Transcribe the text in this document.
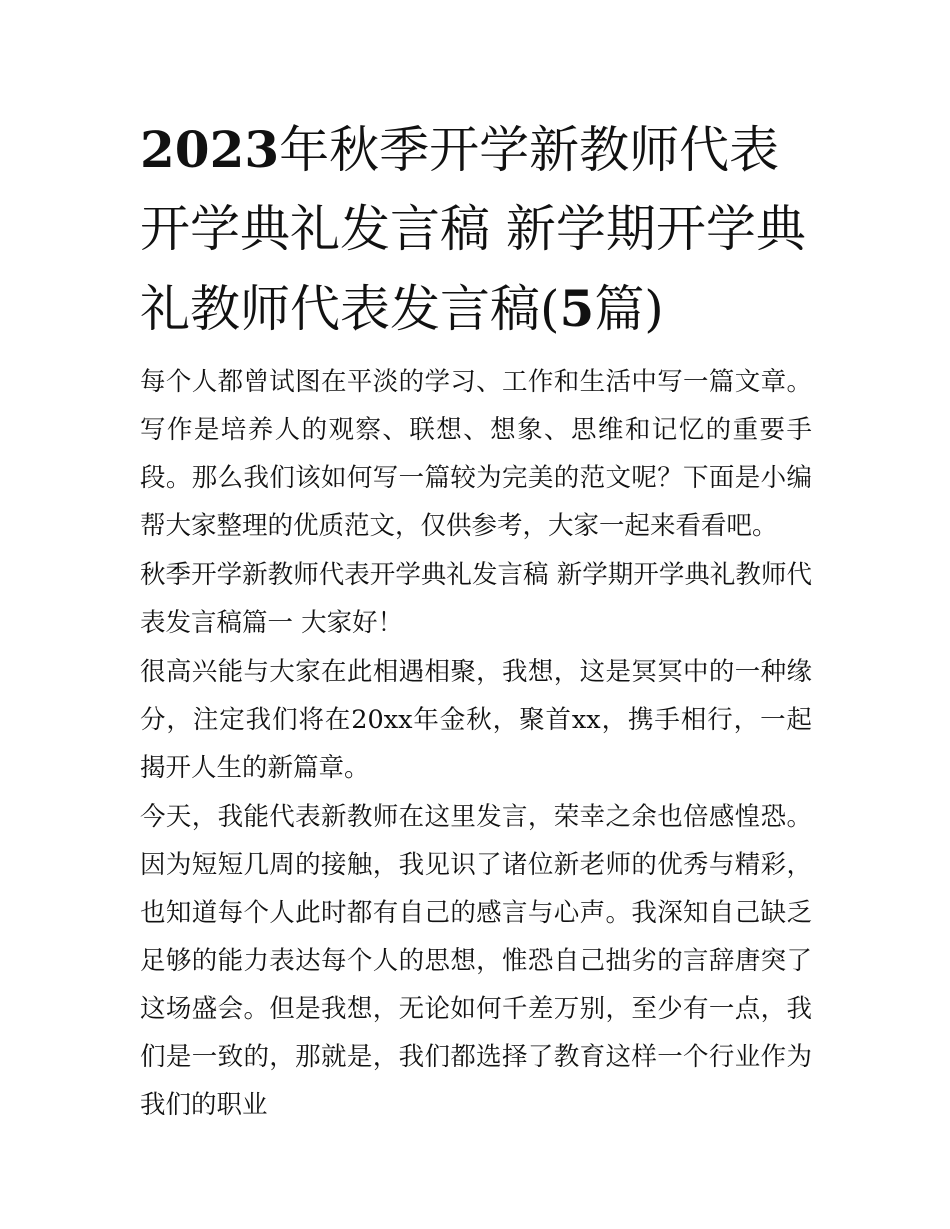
2023年秋季开学新教师代表开学典礼发言稿 新学期开学典礼教师代表发言稿(5篇)

每个人都曾试图在平淡的学习、工作和生活中写一篇文章。写作是培养人的观察、联想、想象、思维和记忆的重要手段。那么我们该如何写一篇较为完美的范文呢？下面是小编帮大家整理的优质范文，仅供参考，大家一起来看看吧。

秋季开学新教师代表开学典礼发言稿 新学期开学典礼教师代表发言稿篇一 大家好！

很高兴能与大家在此相遇相聚，我想，这是冥冥中的一种缘分，注定我们将在20xx年金秋，聚首xx，携手相行，一起揭开人生的新篇章。

今天，我能代表新教师在这里发言，荣幸之余也倍感惶恐。因为短短几周的接触，我见识了诸位新老师的优秀与精彩，也知道每个人此时都有自己的感言与心声。我深知自己缺乏足够的能力表达每个人的思想，惟恐自己拙劣的言辞唐突了这场盛会。但是我想，无论如何千差万别，至少有一点，我们是一致的，那就是，我们都选择了教育这样一个行业作为我们的职业
